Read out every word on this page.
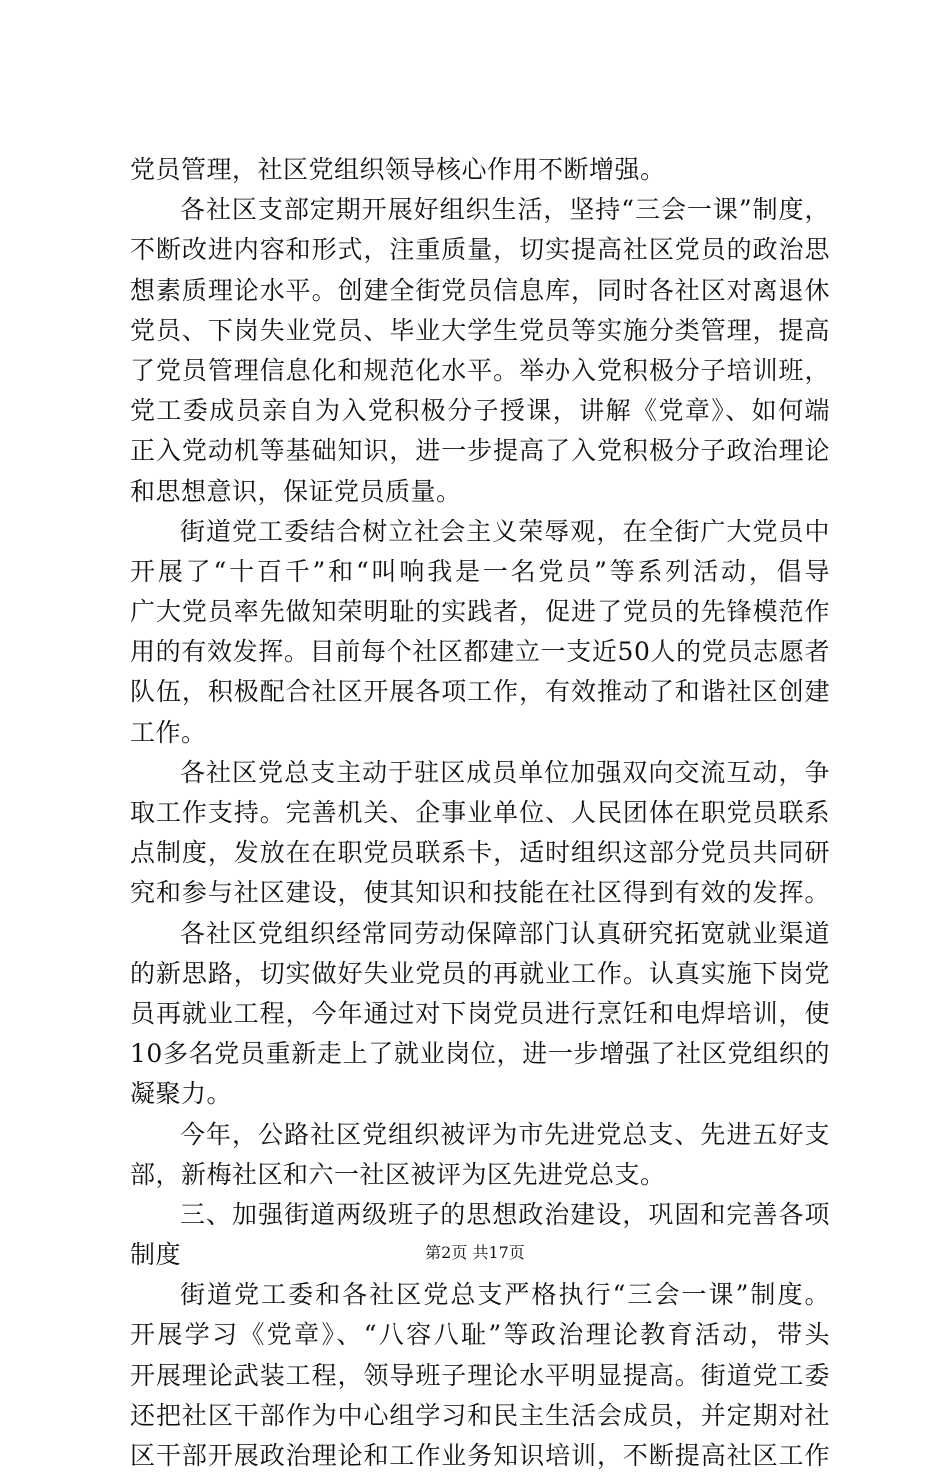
党员管理，社区党组织领导核心作用不断增强。
各社区支部定期开展好组织生活，坚持“三会一课”制度，
不断改进内容和形式，注重质量，切实提高社区党员的政治思
想素质理论水平。创建全街党员信息库，同时各社区对离退休
党员、下岗失业党员、毕业大学生党员等实施分类管理，提高
了党员管理信息化和规范化水平。举办入党积极分子培训班，
党工委成员亲自为入党积极分子授课，讲解《党章》、如何端
正入党动机等基础知识，进一步提高了入党积极分子政治理论
和思想意识，保证党员质量。
街道党工委结合树立社会主义荣辱观，在全街广大党员中
开展了“十百千”和“叫响我是一名党员”等系列活动，倡导
广大党员率先做知荣明耻的实践者，促进了党员的先锋模范作
用的有效发挥。目前每个社区都建立一支近50人的党员志愿者
队伍，积极配合社区开展各项工作，有效推动了和谐社区创建
工作。
各社区党总支主动于驻区成员单位加强双向交流互动，争
取工作支持。完善机关、企事业单位、人民团体在职党员联系
点制度，发放在在职党员联系卡，适时组织这部分党员共同研
究和参与社区建设，使其知识和技能在社区得到有效的发挥。
各社区党组织经常同劳动保障部门认真研究拓宽就业渠道
的新思路，切实做好失业党员的再就业工作。认真实施下岗党
员再就业工程，今年通过对下岗党员进行烹饪和电焊培训，使
10多名党员重新走上了就业岗位，进一步增强了社区党组织的
凝聚力。
今年，公路社区党组织被评为市先进党总支、先进五好支
部，新梅社区和六一社区被评为区先进党总支。
三、加强街道两级班子的思想政治建设，巩固和完善各项
制度
街道党工委和各社区党总支严格执行“三会一课”制度。
开展学习《党章》、“八容八耻”等政治理论教育活动，带头
开展理论武装工程，领导班子理论水平明显提高。街道党工委
还把社区干部作为中心组学习和民主生活会成员，并定期对社
区干部开展政治理论和工作业务知识培训，不断提高社区工作
第2页 共17页
